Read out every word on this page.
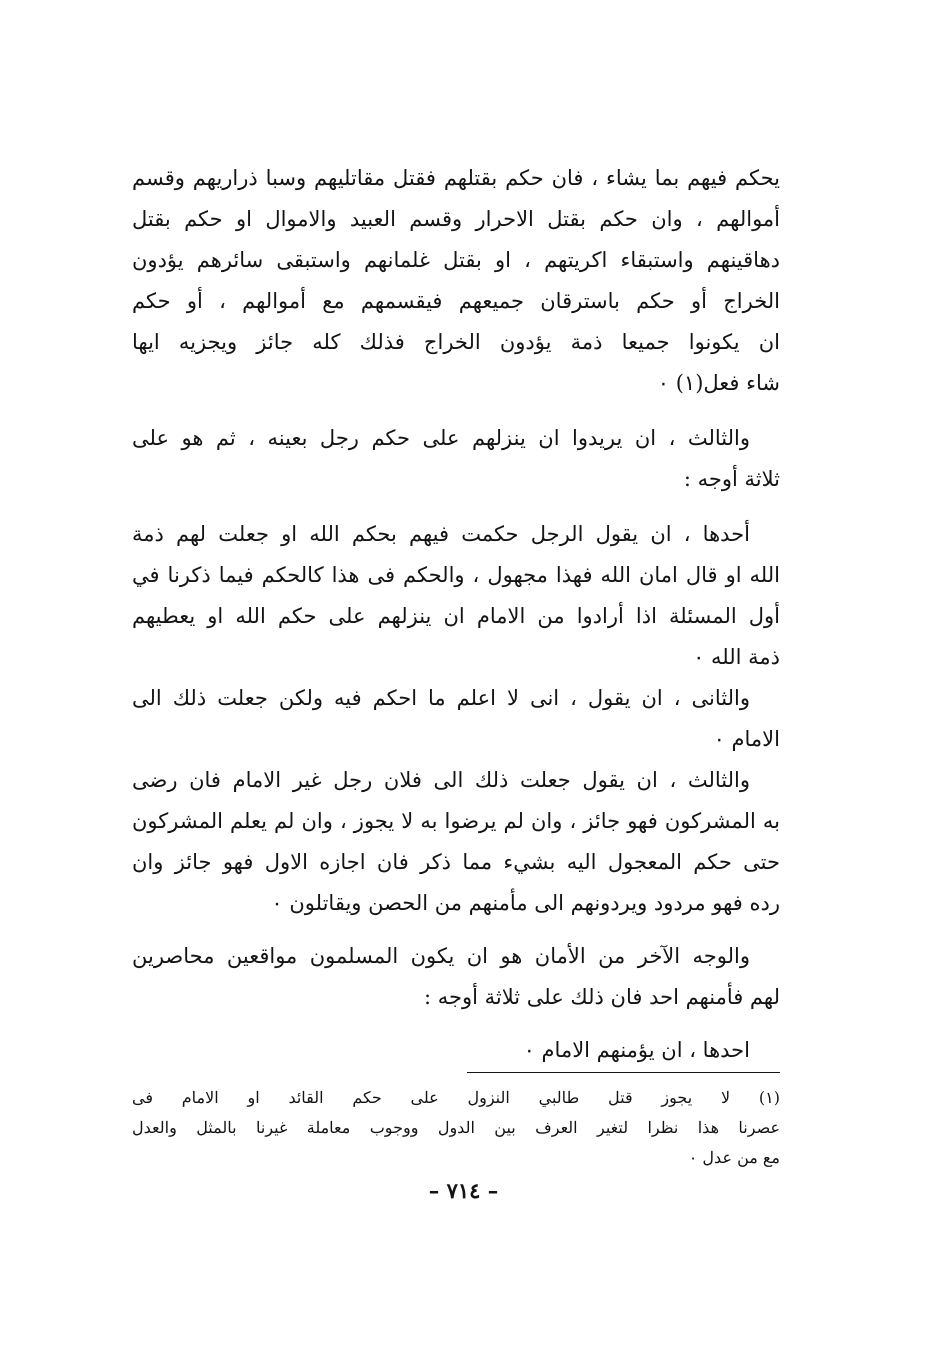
يحكم فيهم بما يشاء ، فان حكم بقتلهم فقتل مقاتليهم وسبا ذراريهم وقسم
أموالهم ، وان حكم بقتل الاحرار وقسم العبيد والاموال او حكم بقتل
دهاقينهم واستبقاء اكريتهم ، او بقتل غلمانهم واستبقى سائرهم يؤدون
الخراج أو حكم باسترقان جميعهم فيقسمهم مع أموالهم ، أو حكم
ان يكونوا جميعا ذمة يؤدون الخراج فذلك كله جائز ويجزيه ايها
شاء فعل(١) ٠
والثالث ، ان يريدوا ان ينزلهم على حكم رجل بعينه ، ثم هو على
ثلاثة أوجه :
أحدها ، ان يقول الرجل حكمت فيهم بحكم الله او جعلت لهم ذمة
الله او قال امان الله فهذا مجهول ، والحكم فى هذا كالحكم فيما ذكرنا في
أول المسئلة اذا أرادوا من الامام ان ينزلهم على حكم الله او يعطيهم
ذمة الله ٠
والثانى ، ان يقول ، انى لا اعلم ما احكم فيه ولكن جعلت ذلك الى
الامام ٠
والثالث ، ان يقول جعلت ذلك الى فلان رجل غير الامام فان رضى
به المشركون فهو جائز ، وان لم يرضوا به لا يجوز ، وان لم يعلم المشركون
حتى حكم المعجول اليه بشيء مما ذكر فان اجازه الاول فهو جائز وان
رده فهو مردود ويردونهم الى مأمنهم من الحصن ويقاتلون ٠
والوجه الآخر من الأمان هو ان يكون المسلمون مواقعين محاصرين
لهم فأمنهم احد فان ذلك على ثلاثة أوجه :
احدها ، ان يؤمنهم الامام ٠
(١) لا يجوز قتل طالبي النزول على حكم القائد او الامام فى
عصرنا هذا نظرا لتغير العرف بين الدول ووجوب معاملة غيرنا بالمثل والعدل
مع من عدل ٠
– ٧١٤ –
